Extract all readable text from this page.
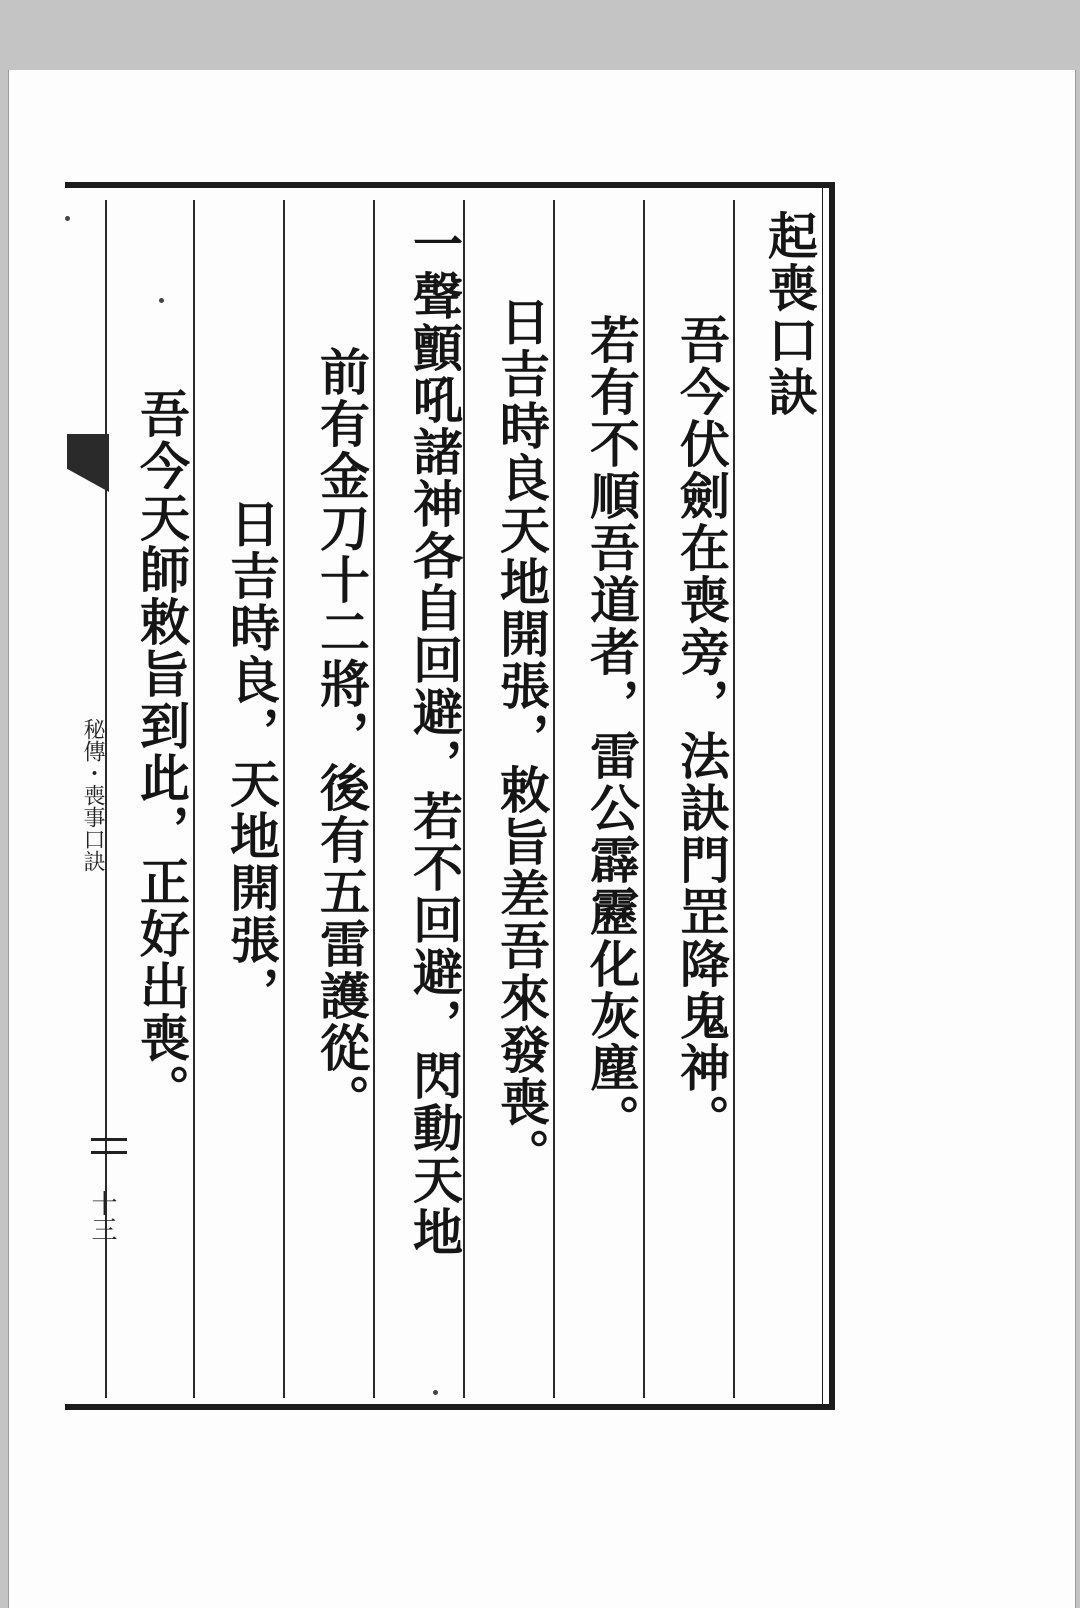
起喪口訣
吾今伏劍在喪旁，法訣門罡降鬼神。
若有不順吾道者，雷公霹靂化灰塵。
日吉時良天地開張，敕旨差吾來發喪。
一聲顫吼諸神各自回避，若不回避，閃動天地
前有金刀十二將，後有五雷護從。
日吉時良，天地開張，
吾今天師敕旨到此，正好出喪。
秘傳・喪事口訣
十三
